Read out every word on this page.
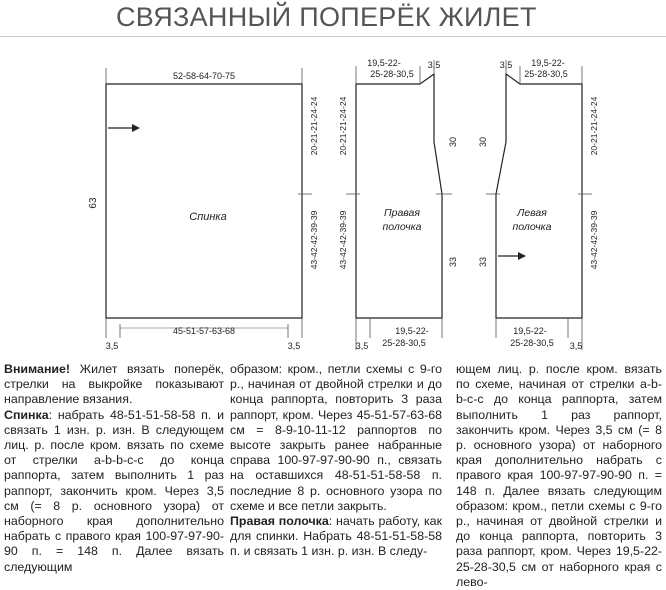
СВЯЗАННЫЙ ПОПЕРЁК ЖИЛЕТ
52-58-64-70-75
45-51-57-63-68
Спинка
63
20-21-21-24-24
43-42-42-39-39
3,5	3,5
19,5-22-
25-28-30,5
3,5
Правая
полочка
20-21-21-24-24
43-42-42-39-39
30
33
19,5-22-
25-28-30,5
3,5
3,5 19,5-22-
25-28-30,5
Левая
полочка
30
33
20-21-21-24-24
43-42-42-39-39
19,5-22-
25-28-30,5 3,5

Внимание! Жилет вязать поперёк, стрелки на выкройке показывают направление вязания.
Спинка: набрать 48-51-51-58-58 п. и связать 1 изн. р. изн. В следующем лиц. р. после кром. вязать по схеме от стрелки a-b-b-c-c до конца раппорта, затем выполнить 1 раз раппорт, закончить кром. Через 3,5 см (= 8 р. основного узора) от наборного края дополнительно набрать с правого края 100-97-97-90-90 п. = 148 п. Далее вязать следующим

образом: кром., петли схемы с 9-го р., начиная от двойной стрелки и до конца раппорта, повторить 3 раза раппорт, кром. Через 45-51-57-63-68 см = 8-9-10-11-12 раппортов по высоте закрыть ранее набранные справа 100-97-97-90-90 п., связать на оставшихся 48-51-51-58-58 п. последние 8 р. основного узора по схеме и все петли закрыть.
Правая полочка: начать работу, как для спинки. Набрать 48-51-51-58-58 п. и связать 1 изн. р. изн. В следу-

ющем лиц. р. после кром. вязать по схеме, начиная от стрелки a-b-b-c-c до конца раппорта, затем выполнить 1 раз раппорт, закончить кром. Через 3,5 см (= 8 р. основного узора) от наборного края дополнительно набрать с правого края 100-97-97-90-90 п. = 148 п. Далее вязать следующим образом: кром., петли схемы с 9-го р., начиная от двойной стрелки и до конца раппорта, повторить 3 раза раппорт, кром. Через 19,5-22-25-28-30,5 см от наборного края с лево-
